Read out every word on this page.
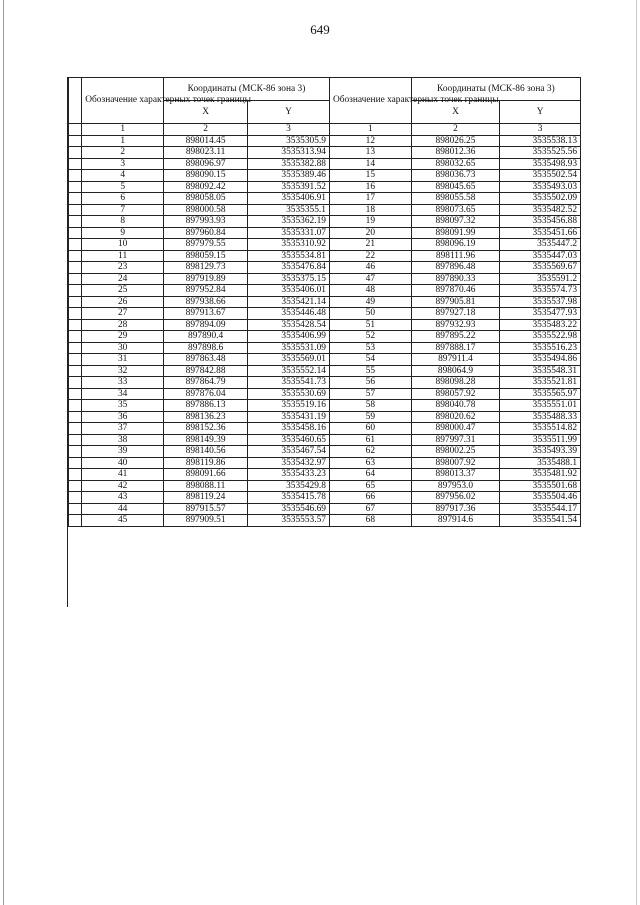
649
	Обозначение характерных точек границы	Координаты (МСК-86 зона 3)		Обозначение характерных точек границы	Координаты (МСК-86 зона 3)	
		X	Y		X	Y
	1	2	3	1	2	3
	1	898014.45	3535305.9	12	898026.25	3535538.13
	2	898023.11	3535313.94	13	898012.36	3535525.56
	3	898096.97	3535382.88	14	898032.65	3535498.93
	4	898090.15	3535389.46	15	898036.73	3535502.54
	5	898092.42	3535391.52	16	898045.65	3535493.03
	6	898058.05	3535406.91	17	898055.58	3535502.09
	7	898000.58	3535355.1	18	898073.65	3535482.52
	8	897993.93	3535362.19	19	898097.32	3535456.88
	9	897960.84	3535331.07	20	898091.99	3535451.66
	10	897979.55	3535310.92	21	898096.19	3535447.2
	11	898059.15	3535534.81	22	898111.96	3535447.03
	23	898129.73	3535476.84	46	897896.48	3535569.67
	24	897919.89	3535375.15	47	897890.33	3535591.2
	25	897952.84	3535406.01	48	897870.46	3535574.73
	26	897938.66	3535421.14	49	897905.81	3535537.98
	27	897913.67	3535446.48	50	897927.18	3535477.93
	28	897894.09	3535428.54	51	897932.93	3535483.22
	29	897890.4	3535406.99	52	897895.22	3535522.98
	30	897898.6	3535531.09	53	897888.17	3535516.23
	31	897863.48	3535569.01	54	897911.4	3535494.86
	32	897842.88	3535552.14	55	898064.9	3535548.31
	33	897864.79	3535541.73	56	898098.28	3535521.81
	34	897876.04	3535530.69	57	898057.92	3535565.97
	35	897886.13	3535519.16	58	898040.78	3535551.01
	36	898136.23	3535431.19	59	898020.62	3535488.33
	37	898152.36	3535458.16	60	898000.47	3535514.82
	38	898149.39	3535460.65	61	897997.31	3535511.99
	39	898140.56	3535467.54	62	898002.25	3535493.39
	40	898119.86	3535432.97	63	898007.92	3535488.1
	41	898091.66	3535433.23	64	898013.37	3535481.92
	42	898088.11	3535429.8	65	897953.0	3535501.68
	43	898119.24	3535415.78	66	897956.02	3535504.46
	44	897915.57	3535546.69	67	897917.36	3535544.17
	45	897909.51	3535553.57	68	897914.6	3535541.54
